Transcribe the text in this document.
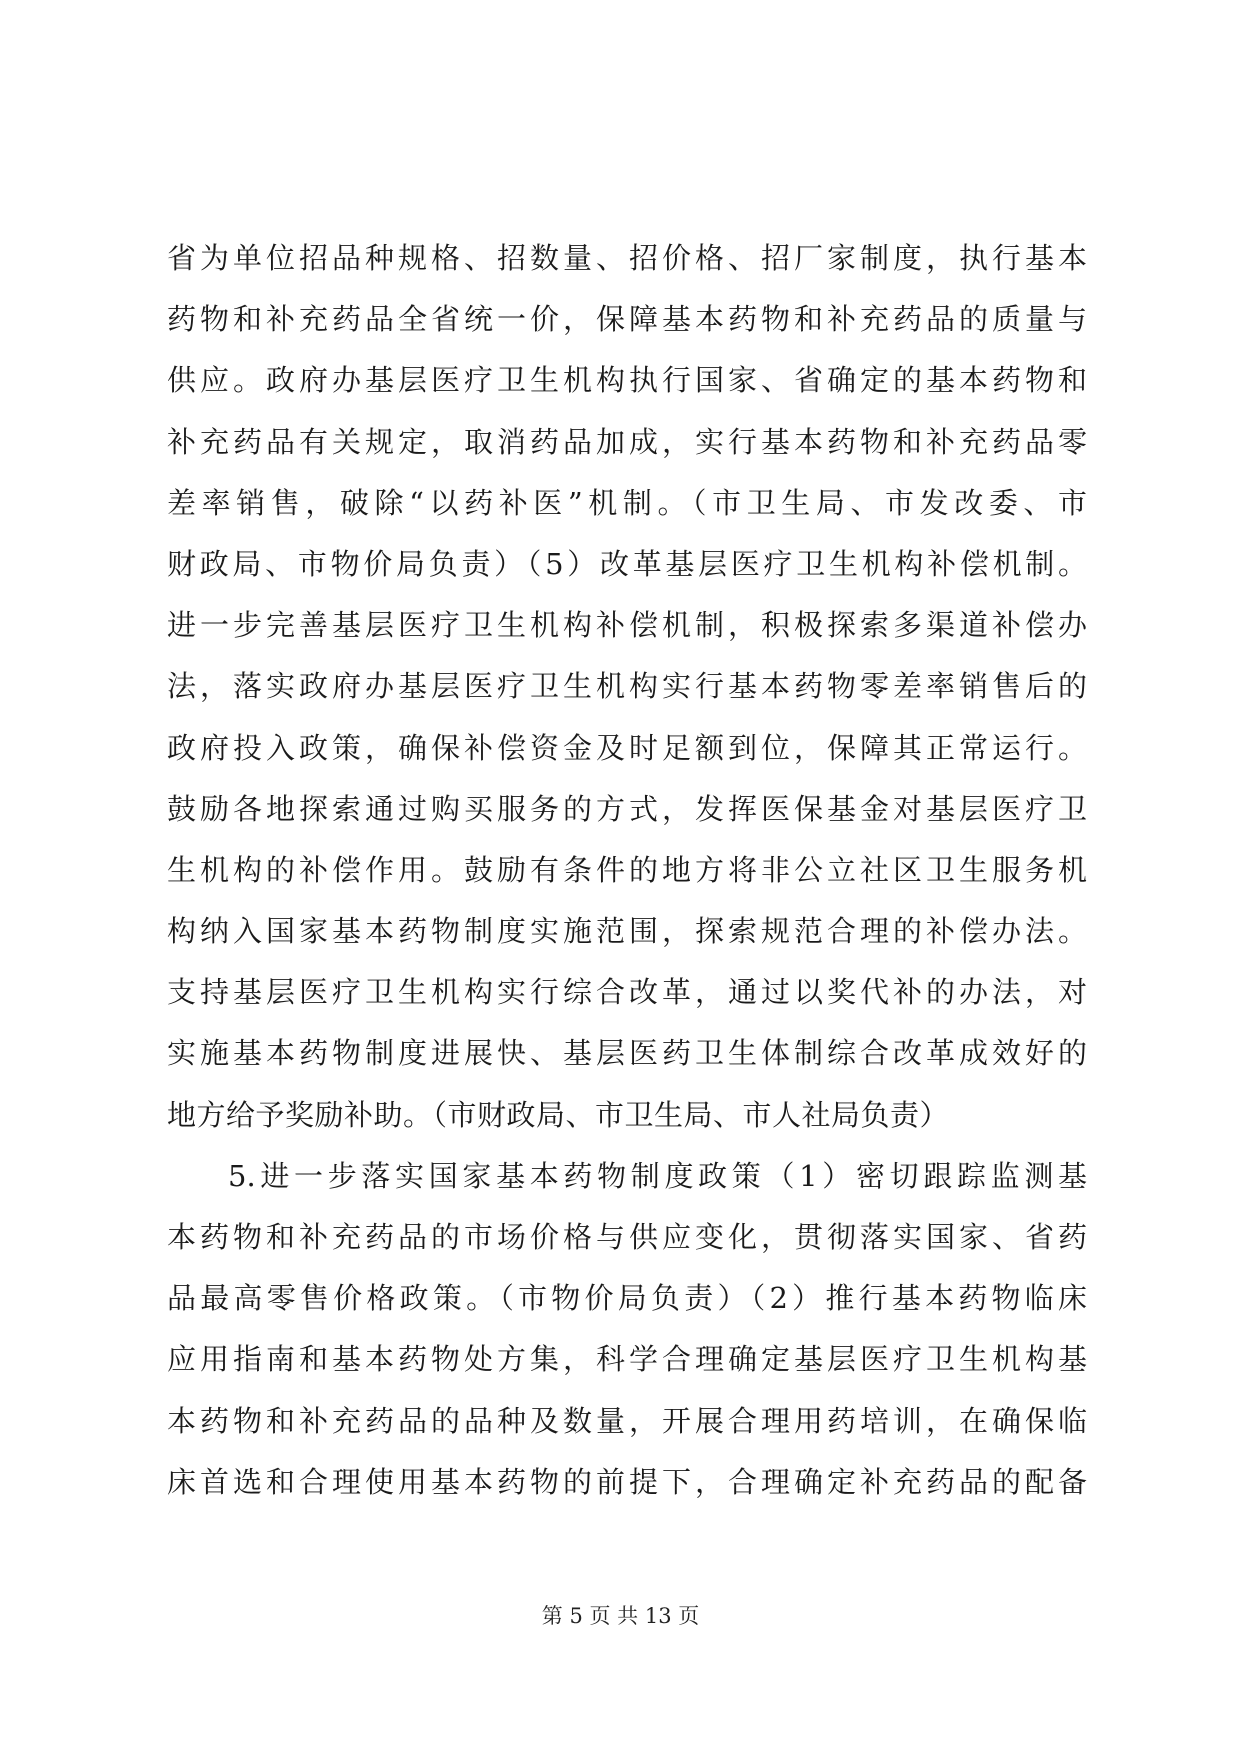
省为单位招品种规格、招数量、招价格、招厂家制度，执行基本
药物和补充药品全省统一价，保障基本药物和补充药品的质量与
供应。政府办基层医疗卫生机构执行国家、省确定的基本药物和
补充药品有关规定，取消药品加成，实行基本药物和补充药品零
差率销售，破除“以药补医”机制。（市卫生局、市发改委、市
财政局、市物价局负责）（5）改革基层医疗卫生机构补偿机制。
进一步完善基层医疗卫生机构补偿机制，积极探索多渠道补偿办
法，落实政府办基层医疗卫生机构实行基本药物零差率销售后的
政府投入政策，确保补偿资金及时足额到位，保障其正常运行。
鼓励各地探索通过购买服务的方式，发挥医保基金对基层医疗卫
生机构的补偿作用。鼓励有条件的地方将非公立社区卫生服务机
构纳入国家基本药物制度实施范围，探索规范合理的补偿办法。
支持基层医疗卫生机构实行综合改革，通过以奖代补的办法，对
实施基本药物制度进展快、基层医药卫生体制综合改革成效好的
地方给予奖励补助。（市财政局、市卫生局、市人社局负责）
5.进一步落实国家基本药物制度政策（1）密切跟踪监测基
本药物和补充药品的市场价格与供应变化，贯彻落实国家、省药
品最高零售价格政策。（市物价局负责）（2）推行基本药物临床
应用指南和基本药物处方集，科学合理确定基层医疗卫生机构基
本药物和补充药品的品种及数量，开展合理用药培训，在确保临
床首选和合理使用基本药物的前提下，合理确定补充药品的配备
第 5 页 共 13 页
